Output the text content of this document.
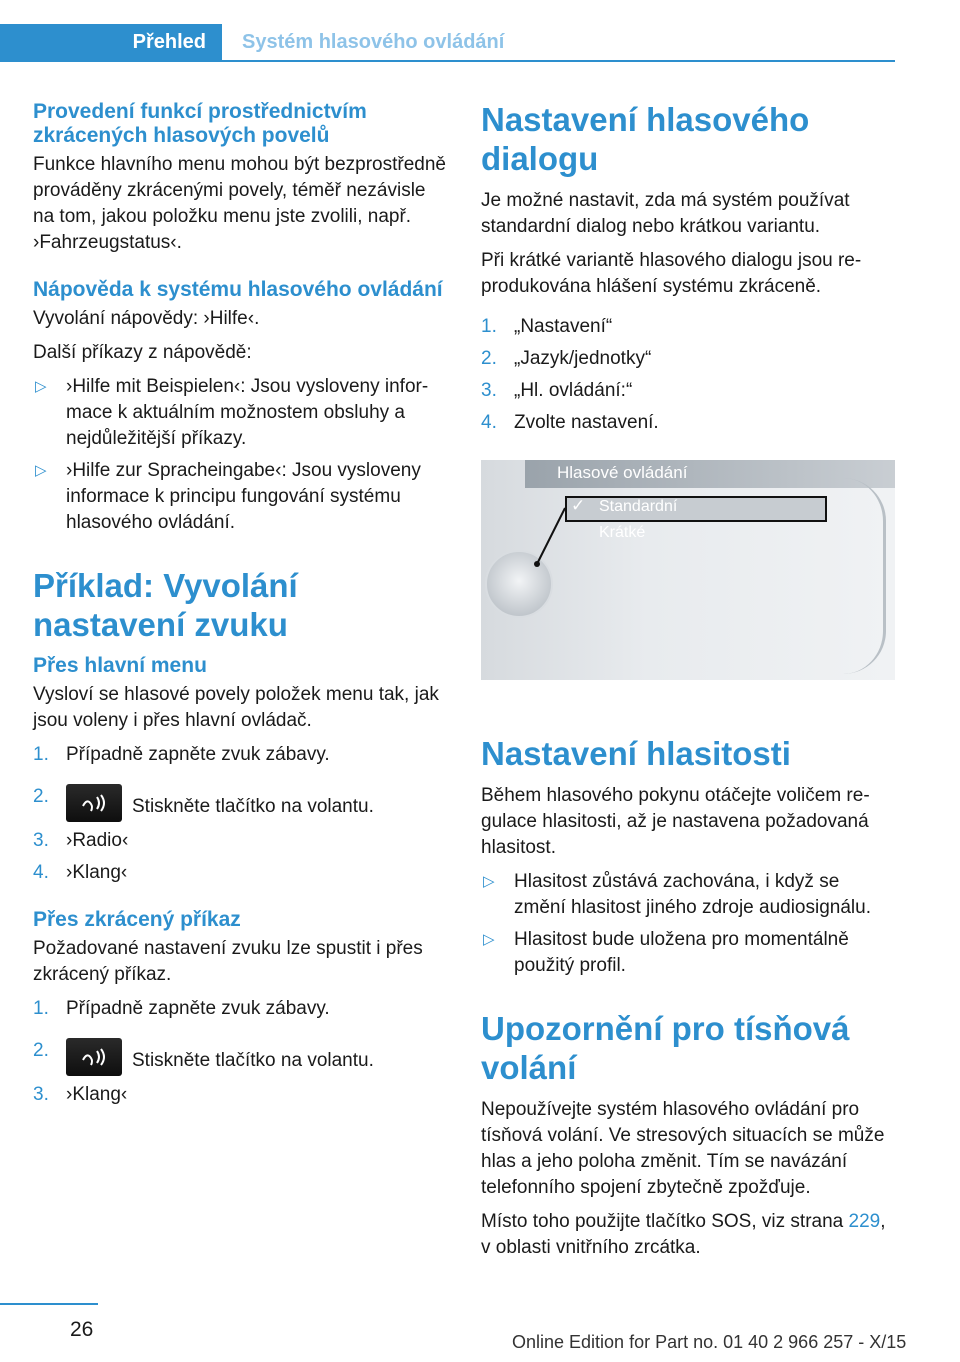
Přehled Systém hlasového ovládání
Provedení funkcí prostřednictvím zkrácených hlasových povelů

Funkce hlavního menu mohou být bezprostředně prováděny zkrácenými povely, téměř nezávisle na tom, jakou položku menu jste zvolili, např. ›Fahrzeugstatus‹.

Nápověda k systému hlasového ovládání

Vyvolání nápovědy: ›Hilfe‹.

Další příkazy z nápovědě:

▷ ›Hilfe mit Beispielen‹: Jsou vysloveny informace k aktuálním možnostem obsluhy a nejdůležitější příkazy.
▷ ›Hilfe zur Spracheingabe‹: Jsou vysloveny informace k principu fungování systému hlasového ovládání.
Příklad: Vyvolání nastavení zvuku
Přes hlavní menu

Vysloví se hlasové povely položek menu tak, jak jsou voleny i přes hlavní ovládač.

1. Případně zapněte zvuk zábavy.
2.	Stiskněte tlačítko na volantu.
3. ›Radio‹
4. ›Klang‹
Přes zkrácený příkaz

Požadované nastavení zvuku lze spustit i přes zkrácený příkaz.

1. Případně zapněte zvuk zábavy.
2.	Stiskněte tlačítko na volantu.
3. ›Klang‹
Nastavení hlasového dialogu

Je možné nastavit, zda má systém používat standardní dialog nebo krátkou variantu.

Při krátké variantě hlasového dialogu jsou reprodukována hlášení systému zkráceně.

1. „Nastavení“
2. „Jazyk/jednotky“
3. „Hl. ovládání:“
4. Zvolte nastavení.
Hlasové ovládání
✓ Standardní
Krátké
Nastavení hlasitosti

Během hlasového pokynu otáčejte voličem regulace hlasitosti, až je nastavena požadovaná hlasitost.

▷ Hlasitost zůstává zachována, i když se změní hlasitost jiného zdroje audiosignálu.
▷ Hlasitost bude uložena pro momentálně použitý profil.
Upozornění pro tísňová volání

Nepoužívejte systém hlasového ovládání pro tísňová volání. Ve stresových situacích se může hlas a jeho poloha změnit. Tím se navázání telefonního spojení zbytečně zpožďuje.

Místo toho použijte tlačítko SOS, viz strana 229, v oblasti vnitřního zrcátka.

26
Online Edition for Part no. 01 40 2 966 257 - X/15
